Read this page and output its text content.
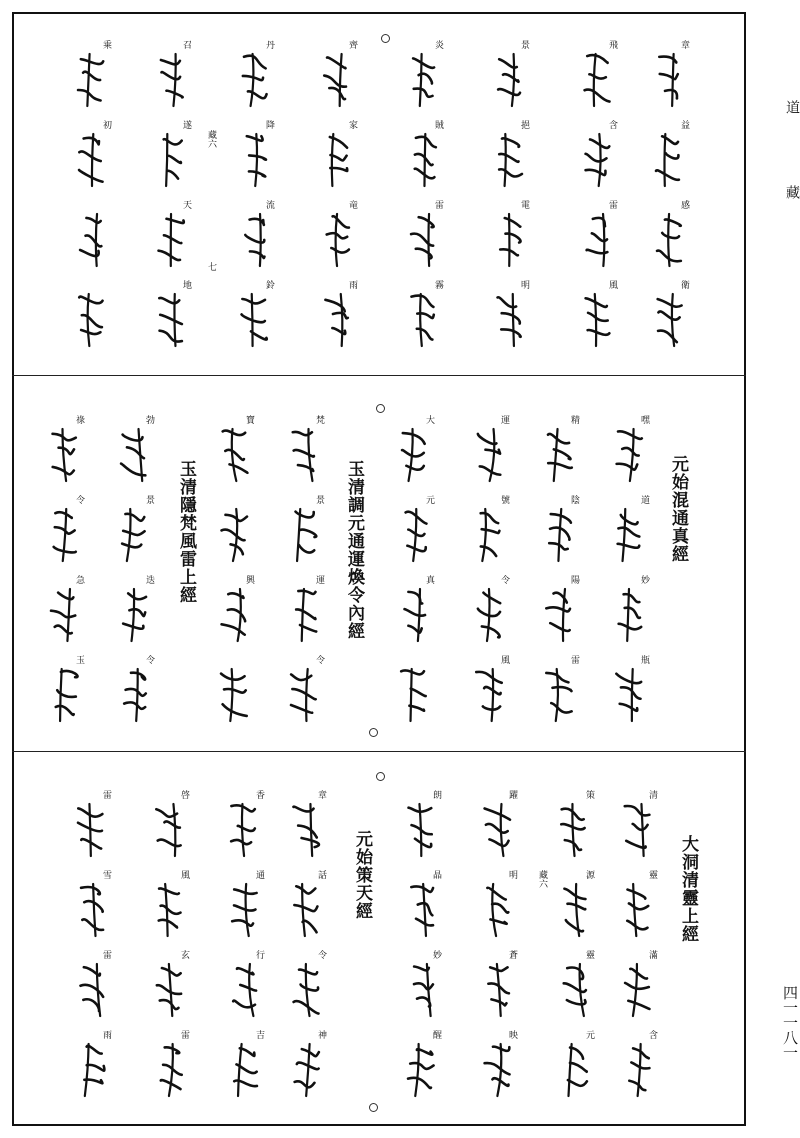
道
藏
四一一八一
藏六
七
章
益
感
衛
飛
含
雷
風
景
挹
電
明
炎
賊
雷
霧
齊
家
竜
雨
丹
降
流
鈴
召
遂
天
地
乘
初
元始混通真經
玉清調元通運煥令內經
玉清隱梵風雷上經
嘿
道
妙
瓶
精
陰
陽
雷
運
號
令
風
大
元
真
梵
景
運
令
寶
興
勃
景
迭
令
祿
令
急
玉
大洞清靈上經
元始策天經	藏六
清
靈
滿
含
策
源
靈
元
躍
明
蒼
映
朗
晶
妙
醒
章
話
令
神
香
通
行
吉
啓
風
玄
雷
雷
雪
雷
雨
